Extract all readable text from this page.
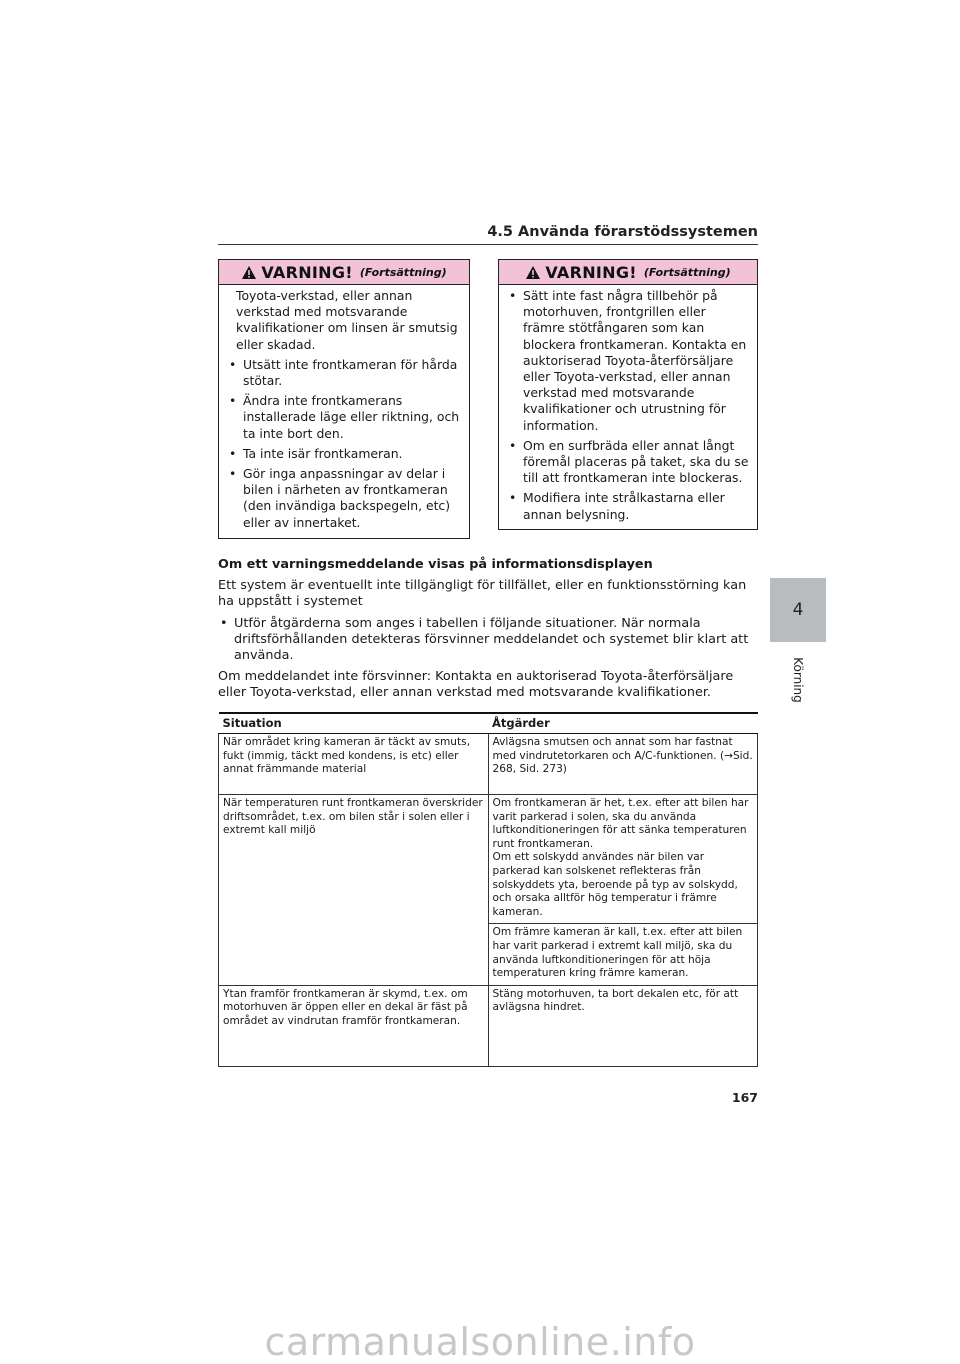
4.5 Använda förarstödssystemen
VARNING! (Fortsättning)

Toyota-verkstad, eller annan verkstad med motsvarande kvalifikationer om linsen är smutsig eller skadad.

• Utsätt inte frontkameran för hårda stötar.
• Ändra inte frontkamerans installerade läge eller riktning, och ta inte bort den.
• Ta inte isär frontkameran.
• Gör inga anpassningar av delar i bilen i närheten av frontkameran (den invändiga backspegeln, etc) eller av innertaket.
VARNING! (Fortsättning)
• Sätt inte fast några tillbehör på motorhuven, frontgrillen eller främre stötfångaren som kan blockera frontkameran. Kontakta en auktoriserad Toyota-återförsäljare eller Toyota-verkstad, eller annan verkstad med motsvarande kvalifikationer och utrustning för information.
• Om en surfbräda eller annat långt föremål placeras på taket, ska du se till att frontkameran inte blockeras.
• Modifiera inte strålkastarna eller annan belysning.
Om ett varningsmeddelande visas på informationsdisplayen

Ett system är eventuellt inte tillgängligt för tillfället, eller en funktionsstörning kan ha uppstått i systemet

• Utför åtgärderna som anges i tabellen i följande situationer. När normala driftsförhållanden detekteras försvinner meddelandet och systemet blir klart att använda.

Om meddelandet inte försvinner: Kontakta en auktoriserad Toyota-återförsäljare eller Toyota-verkstad, eller annan verkstad med motsvarande kvalifikationer.

Situation	Åtgärder
När området kring kameran är täckt av smuts, fukt (immig, täckt med kondens, is etc) eller annat främmande material	Avlägsna smutsen och annat som har fastnat med vindrutetorkaren och A/C-funktionen. (→Sid. 268, Sid. 273)
När temperaturen runt frontkameran överskrider driftsområdet, t.ex. om bilen står i solen eller i extremt kall miljö	Om frontkameran är het, t.ex. efter att bilen har varit parkerad i solen, ska du använda luftkonditioneringen för att sänka temperaturen runt frontkameran.
Om ett solskydd användes när bilen var parkerad kan solskenet reflekteras från solskyddets yta, beroende på typ av solskydd, och orsaka alltför hög temperatur i främre kameran.

	Om främre kameran är kall, t.ex. efter att bilen har varit parkerad i extremt kall miljö, ska du använda luftkonditioneringen för att höja temperaturen kring främre kameran.
Ytan framför frontkameran är skymd, t.ex. om motorhuven är öppen eller en dekal är fäst på området av vindrutan framför frontkameran.	Stäng motorhuven, ta bort dekalen etc, för att avlägsna hindret.
4
Körning
167
carmanualsonline.info
